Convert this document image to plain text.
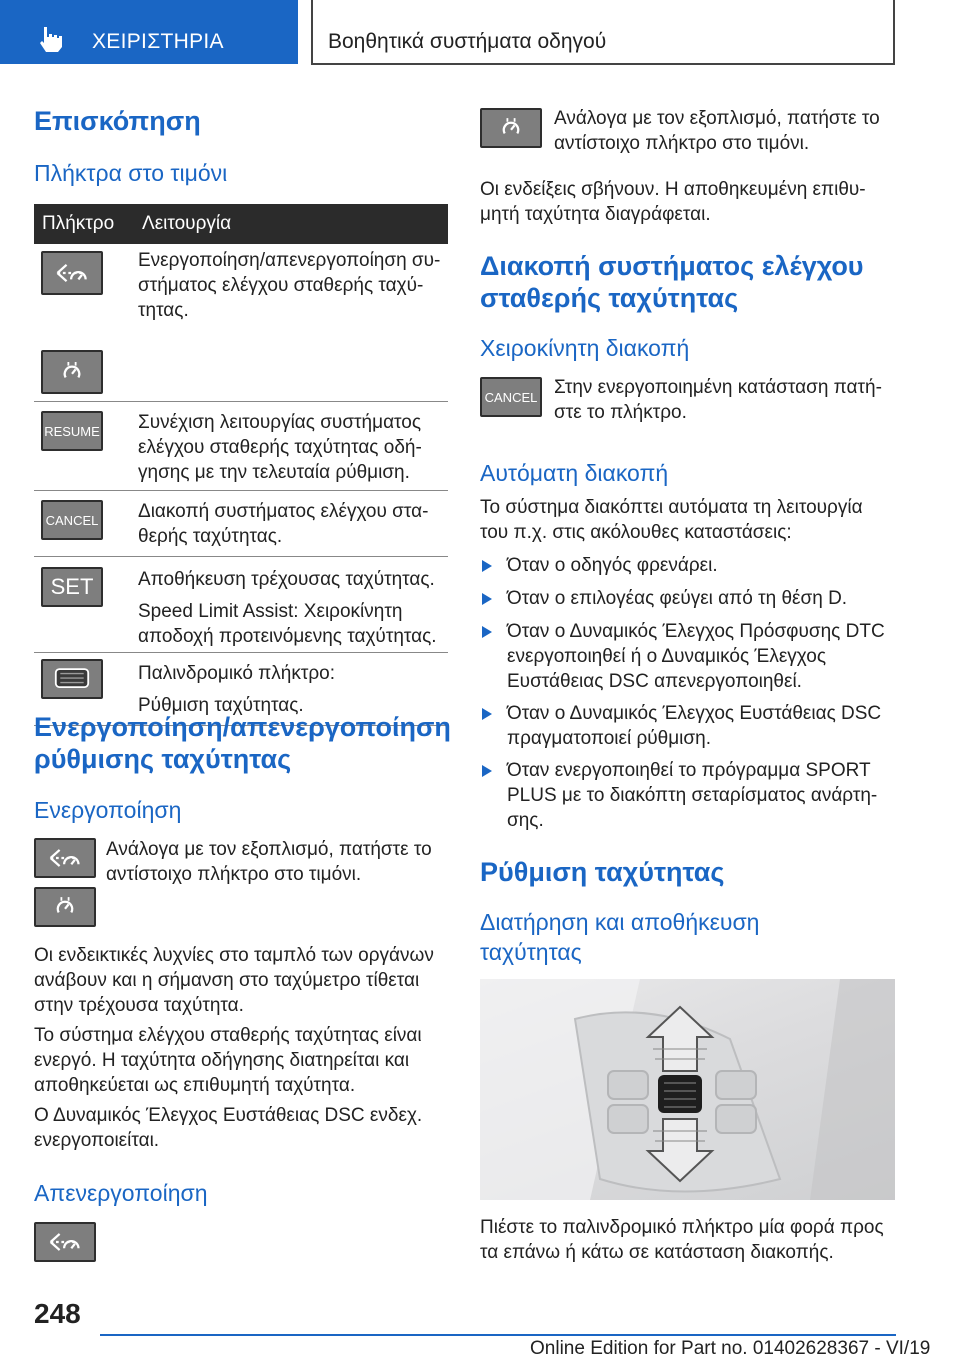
ΧΕΙΡΙΣΤΗΡΙΑ	Βοηθητικά συστήματα οδηγού
Επισκόπηση
Πλήκτρα στο τιμόνι
Πλήκτρο	Λειτουργία

Ενεργοποίηση/απενεργοποίηση συ-
στήματος ελέγχου σταθερής ταχύ-
τητας.

RESUME	Συνέχιση λειτουργίας συστήματος
ελέγχου σταθερής ταχύτητας οδή-
γησης με την τελευταία ρύθμιση.

CANCEL	Διακοπή συστήματος ελέγχου στα-
θερής ταχύτητας.

SET	Αποθήκευση τρέχουσας ταχύτητας.
Speed Limit Assist: Χειροκίνητη
αποδοχή προτεινόμενης ταχύτητας.

Παλινδρομικό πλήκτρο:
Ρύθμιση ταχύτητας.
Ενεργοποίηση/απενεργοποίηση
ρύθμισης ταχύτητας
Ενεργοποίηση
Ανάλογα με τον εξοπλισμό, πατήστε το
αντίστοιχο πλήκτρο στο τιμόνι.
Οι ενδεικτικές λυχνίες στο ταμπλό των οργάνων
ανάβουν και η σήμανση στο ταχύμετρο τίθεται
στην τρέχουσα ταχύτητα.
Το σύστημα ελέγχου σταθερής ταχύτητας είναι
ενεργό. Η ταχύτητα οδήγησης διατηρείται και
αποθηκεύεται ως επιθυμητή ταχύτητα.
Ο Δυναμικός Έλεγχος Ευστάθειας DSC ενδεχ.
ενεργοποιείται.
Απενεργοποίηση
Ανάλογα με τον εξοπλισμό, πατήστε το
αντίστοιχο πλήκτρο στο τιμόνι.
Οι ενδείξεις σβήνουν. Η αποθηκευμένη επιθυ-
μητή ταχύτητα διαγράφεται.
Διακοπή συστήματος ελέγχου
σταθερής ταχύτητας
Χειροκίνητη διακοπή
CANCEL Στην ενεργοποιημένη κατάσταση πατή-
στε το πλήκτρο.
Αυτόματη διακοπή
Το σύστημα διακόπτει αυτόματα τη λειτουργία
του π.χ. στις ακόλουθες καταστάσεις:
Όταν ο οδηγός φρενάρει.
Όταν ο επιλογέας φεύγει από τη θέση D.
Όταν ο Δυναμικός Έλεγχος Πρόσφυσης DTC
ενεργοποιηθεί ή ο Δυναμικός Έλεγχος
Ευστάθειας DSC απενεργοποιηθεί.
Όταν ο Δυναμικός Έλεγχος Ευστάθειας DSC
πραγματοποιεί ρύθμιση.
Όταν ενεργοποιηθεί το πρόγραμμα SPORT
PLUS με το διακόπτη σεταρίσματος ανάρτη-
σης.
Ρύθμιση ταχύτητας
Διατήρηση και αποθήκευση
ταχύτητας
Πιέστε το παλινδρομικό πλήκτρο μία φορά προς
τα επάνω ή κάτω σε κατάσταση διακοπής.
248
Online Edition for Part no. 01402628367 - VI/19
